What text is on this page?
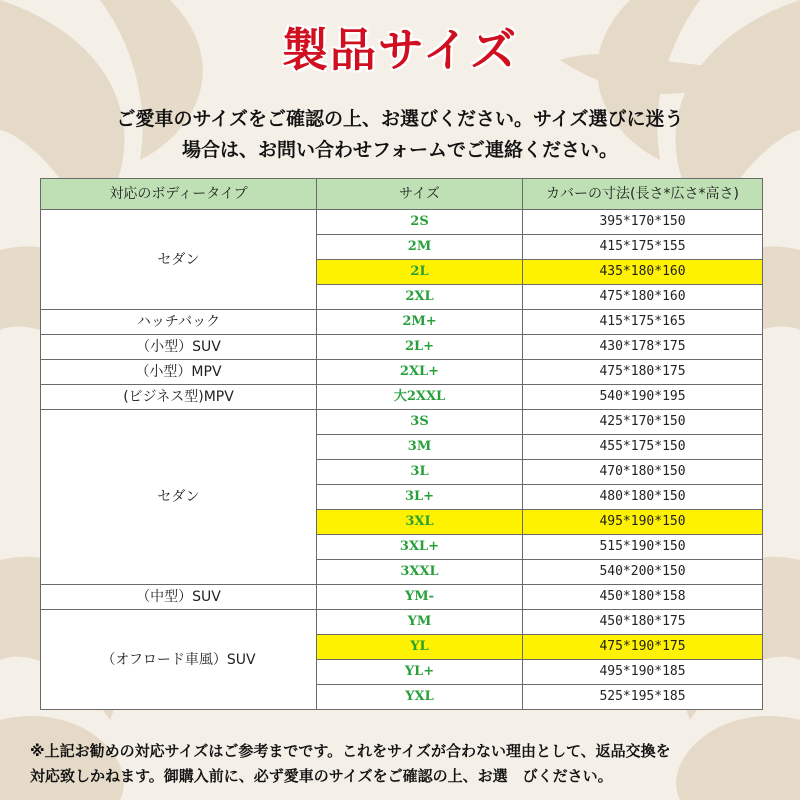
製品サイズ
ご愛車のサイズをご確認の上、お選びください。サイズ選びに迷う
場合は、お問い合わせフォームでご連絡ください。
対応のボディータイプ	サイズ	カバーの寸法(長さ*広さ*高さ)
セダン	2S	395*170*150
	2M	415*175*155
	2L	435*180*160
	2XL	475*180*160
ハッチバック	2M+	415*175*165
（小型）SUV	2L+	430*178*175
（小型）MPV	2XL+	475*180*175
(ビジネス型)MPV	大2XXL	540*190*195
セダン	3S	425*170*150
	3M	455*175*150
	3L	470*180*150
	3L+	480*180*150
	3XL	495*190*150
	3XL+	515*190*150
	3XXL	540*200*150
（中型）SUV	YM-	450*180*158
（オフロード車風）SUV	YM	450*180*175
	YL	475*190*175
	YL+	495*190*185
	YXL	525*195*185
※上記お勧めの対応サイズはご参考までです。これをサイズが合わない理由として、返品交換を
対応致しかねます。御購入前に、必ず愛車のサイズをご確認の上、お選　びください。
